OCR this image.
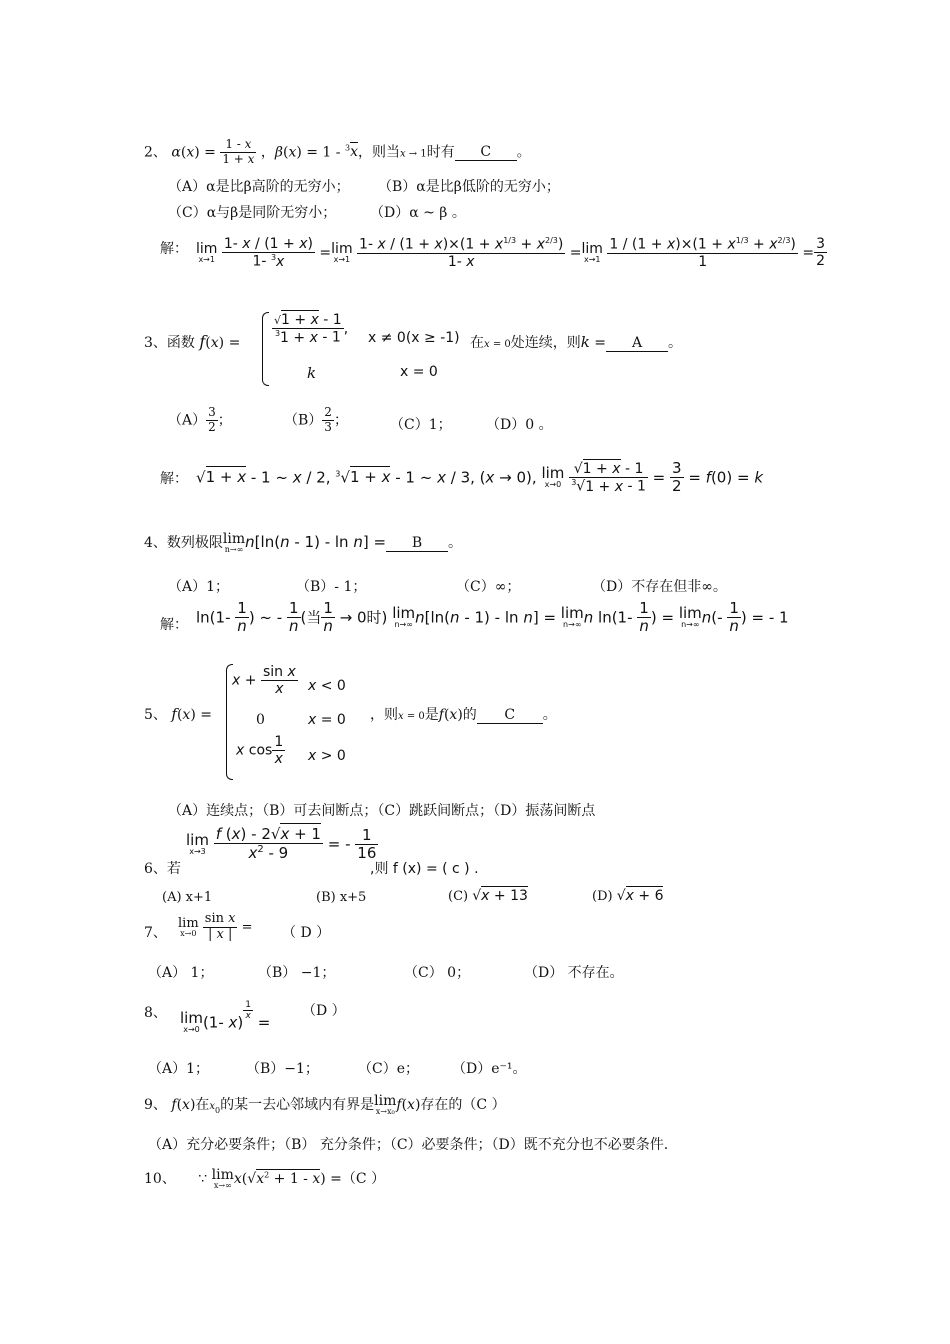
2、 $\alpha(x) = \frac{1 - x}{1 + x}$ ，β(x) = 1 - $^3$x，则当x → 1时有 C 。
（A）α是比β高阶的无穷小； （B）α是比β低阶的无穷小；
（C）α与β是同阶无穷小； （D）α ~ β 。
解： lim
x→1
$\frac{1- x / (1 + x)}{1- ^3x} = \lim$
x→1
$\frac{1- x / (1 + x)\times(1 + x^{1/3} + x^{2/3})}{1- x} = \lim$
x→1
$\frac{1 / (1 + x)\times(1 + x^{1/3} + x^{2/3})}{1} = \frac{3}{2}$
3、函数 f(x) =	$\frac{√1 + x - 1}{^31 + x - 1}$ ,
x ≠ 0(x ≥ -1)
k	x = 0
在x = 0处连续，则k = A 。
$(A) \frac{3}{2}$ ；	$(B) \frac{2}{3}$ ；	（C）1； （D）0 。
解： √1 + x - 1 ~ x / 2, $^3$√1 + x - 1 ~ x / 3, (x → 0), lim
x→0
$\frac{√1 + x - 1}{^3√1 + x - 1} = \frac{3}{2} = f(0) = k$
4、数列极限 lim
n→∞ n[ln(n - 1) - ln n] = B 。
（A）1；	（B）- 1；	（C）∞；	（D）不存在但非∞。
解： $\ln(1- \frac{1}{n}$ ) ~ - $\frac{1}{n}$ (当 $\frac{1}{n} \to 0$时) lim
n→∞ n[ln(n - 1) - ln n] = lim
n→∞ n $\ln(1- \frac{1}{n}$ ) = lim
n→∞ $n(- \frac{1}{n}$ ) = - 1
5、 f(x) =
$x + \frac{\text{sin x}}{x}$ x < 0
0	x = 0
x $\cos \frac{1}{x}$ x > 0
，则x = 0是f(x)的 C 。
（A）连续点；（B）可去间断点；（C）跳跃间断点；（D）振荡间断点
6、若
lim
x→3
$\frac{f (x) - 2√x + 1}{x^2 - 9}$ = - $\frac{1}{16}$
,则 f (x) = ( c ) .
(A) x+1	(B) x+5	(C) √x + 13	(D) √x + 6
7、
lim
x→0
$\frac{\text{sin x}}{| x |}$ = （ D ）
（A） 1；	（B） −1；	（C） 0；	（D） 不存在。
8、 lim
x→0 (1- x)
$^{\frac{1}{x}}$
=
（D ）
（A）1；	（B）−1；	（C）e； （D）e⁻¹。
9、 f(x)在$x_0$的某一去心邻域内有界是 lim
x→x₀ f(x)存在的（C ）
（A）充分必要条件；（B） 充分条件；（C）必要条件；（D）既不充分也不必要条件.
10、 ∵ lim
x→∞ $x(√x^2 + 1 - x) =(C$ ）
